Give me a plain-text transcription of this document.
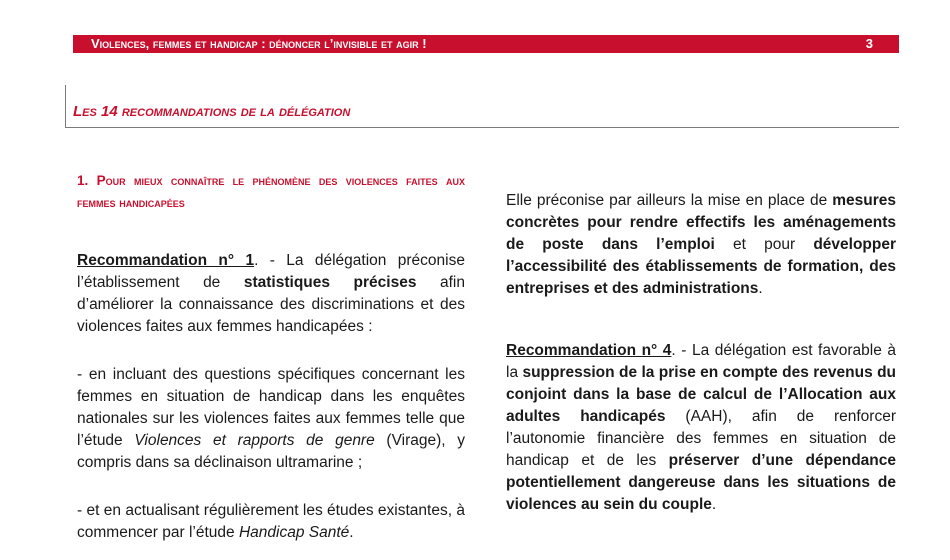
Violences, femmes et handicap : dénoncer l’invisible et agir !	3
Les 14 recommandations de la délégation
1. Pour mieux connaître le phénomène des violences faites aux femmes handicapées

Recommandation n° 1. - La délégation préconise l’établissement de statistiques précises afin d’améliorer la connaissance des discriminations et des violences faites aux femmes handicapées :

- en incluant des questions spécifiques concernant les femmes en situation de handicap dans les enquêtes nationales sur les violences faites aux femmes telle que l’étude Violences et rapports de genre (Virage), y compris dans sa déclinaison ultramarine ;

- et en actualisant régulièrement les études existantes, à commencer par l’étude Handicap Santé.

Elle préconise par ailleurs la mise en place de mesures concrètes pour rendre effectifs les aménagements de poste dans l’emploi et pour développer l’accessibilité des établissements de formation, des entreprises et des administrations.

Recommandation n° 4. - La délégation est favorable à la suppression de la prise en compte des revenus du conjoint dans la base de calcul de l’Allocation aux adultes handicapés (AAH), afin de renforcer l’autonomie financière des femmes en situation de handicap et de les préserver d’une dépendance potentiellement dangereuse dans les situations de violences au sein du couple.
